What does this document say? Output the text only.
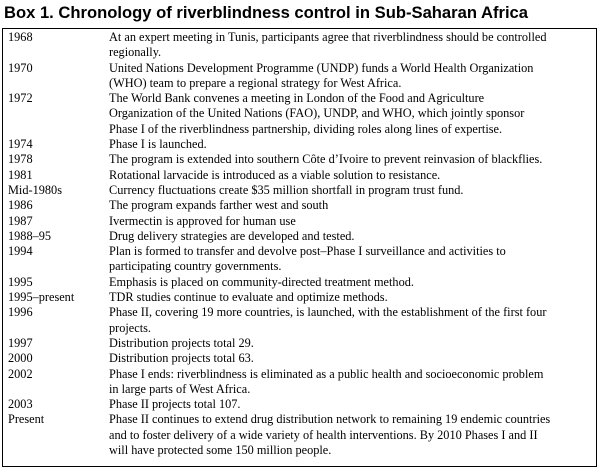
Box 1. Chronology of riverblindness control in Sub-Saharan Africa
1968	At an expert meeting in Tunis, participants agree that riverblindness should be controlled
regionally.
1970	United Nations Development Programme (UNDP) funds a World Health Organization
(WHO) team to prepare a regional strategy for West Africa.
1972	The World Bank convenes a meeting in London of the Food and Agriculture
Organization of the United Nations (FAO), UNDP, and WHO, which jointly sponsor
Phase I of the riverblindness partnership, dividing roles along lines of expertise.
1974	Phase I is launched.
1978	The program is extended into southern Côte d’Ivoire to prevent reinvasion of blackflies.
1981	Rotational larvacide is introduced as a viable solution to resistance.
Mid-1980s	Currency fluctuations create $35 million shortfall in program trust fund.
1986	The program expands farther west and south
1987	Ivermectin is approved for human use
1988–95	Drug delivery strategies are developed and tested.
1994	Plan is formed to transfer and devolve post–Phase I surveillance and activities to
participating country governments.
1995	Emphasis is placed on community-directed treatment method.
1995–present	TDR studies continue to evaluate and optimize methods.
1996	Phase II, covering 19 more countries, is launched, with the establishment of the first four
projects.
1997	Distribution projects total 29.
2000	Distribution projects total 63.
2002	Phase I ends: riverblindness is eliminated as a public health and socioeconomic problem
in large parts of West Africa.
2003	Phase II projects total 107.
Present	Phase II continues to extend drug distribution network to remaining 19 endemic countries
and to foster delivery of a wide variety of health interventions. By 2010 Phases I and II
will have protected some 150 million people.
